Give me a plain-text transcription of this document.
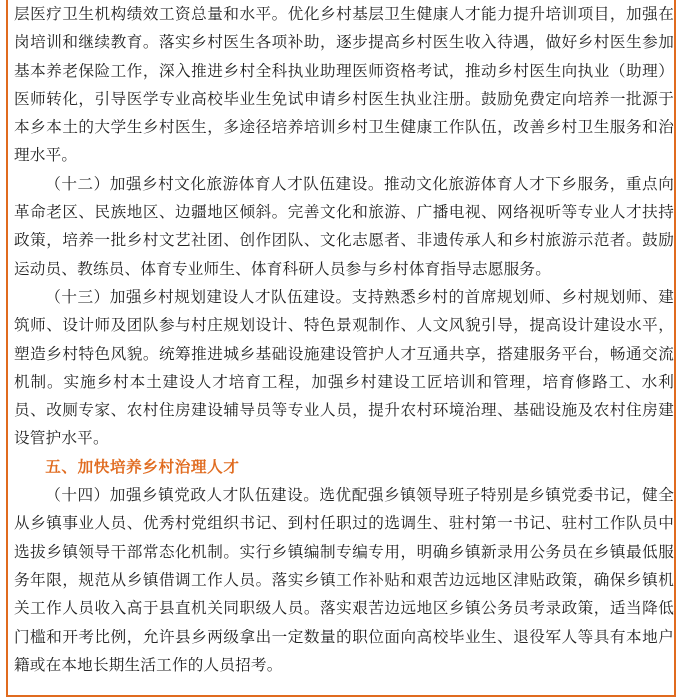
层医疗卫生机构绩效工资总量和水平。优化乡村基层卫生健康人才能力提升培训项目，加强在岗培训和继续教育。落实乡村医生各项补助，逐步提高乡村医生收入待遇，做好乡村医生参加基本养老保险工作，深入推进乡村全科执业助理医师资格考试，推动乡村医生向执业（助理）医师转化，引导医学专业高校毕业生免试申请乡村医生执业注册。鼓励免费定向培养一批源于本乡本土的大学生乡村医生，多途径培养培训乡村卫生健康工作队伍，改善乡村卫生服务和治理水平。

（十二）加强乡村文化旅游体育人才队伍建设。推动文化旅游体育人才下乡服务，重点向革命老区、民族地区、边疆地区倾斜。完善文化和旅游、广播电视、网络视听等专业人才扶持政策，培养一批乡村文艺社团、创作团队、文化志愿者、非遗传承人和乡村旅游示范者。鼓励运动员、教练员、体育专业师生、体育科研人员参与乡村体育指导志愿服务。

（十三）加强乡村规划建设人才队伍建设。支持熟悉乡村的首席规划师、乡村规划师、建筑师、设计师及团队参与村庄规划设计、特色景观制作、人文风貌引导，提高设计建设水平，塑造乡村特色风貌。统筹推进城乡基础设施建设管护人才互通共享，搭建服务平台，畅通交流机制。实施乡村本土建设人才培育工程，加强乡村建设工匠培训和管理，培育修路工、水利员、改厕专家、农村住房建设辅导员等专业人员，提升农村环境治理、基础设施及农村住房建设管护水平。

五、加快培养乡村治理人才

（十四）加强乡镇党政人才队伍建设。选优配强乡镇领导班子特别是乡镇党委书记，健全从乡镇事业人员、优秀村党组织书记、到村任职过的选调生、驻村第一书记、驻村工作队员中选拔乡镇领导干部常态化机制。实行乡镇编制专编专用，明确乡镇新录用公务员在乡镇最低服务年限，规范从乡镇借调工作人员。落实乡镇工作补贴和艰苦边远地区津贴政策，确保乡镇机关工作人员收入高于县直机关同职级人员。落实艰苦边远地区乡镇公务员考录政策，适当降低门槛和开考比例，允许县乡两级拿出一定数量的职位面向高校毕业生、退役军人等具有本地户籍或在本地长期生活工作的人员招考。
